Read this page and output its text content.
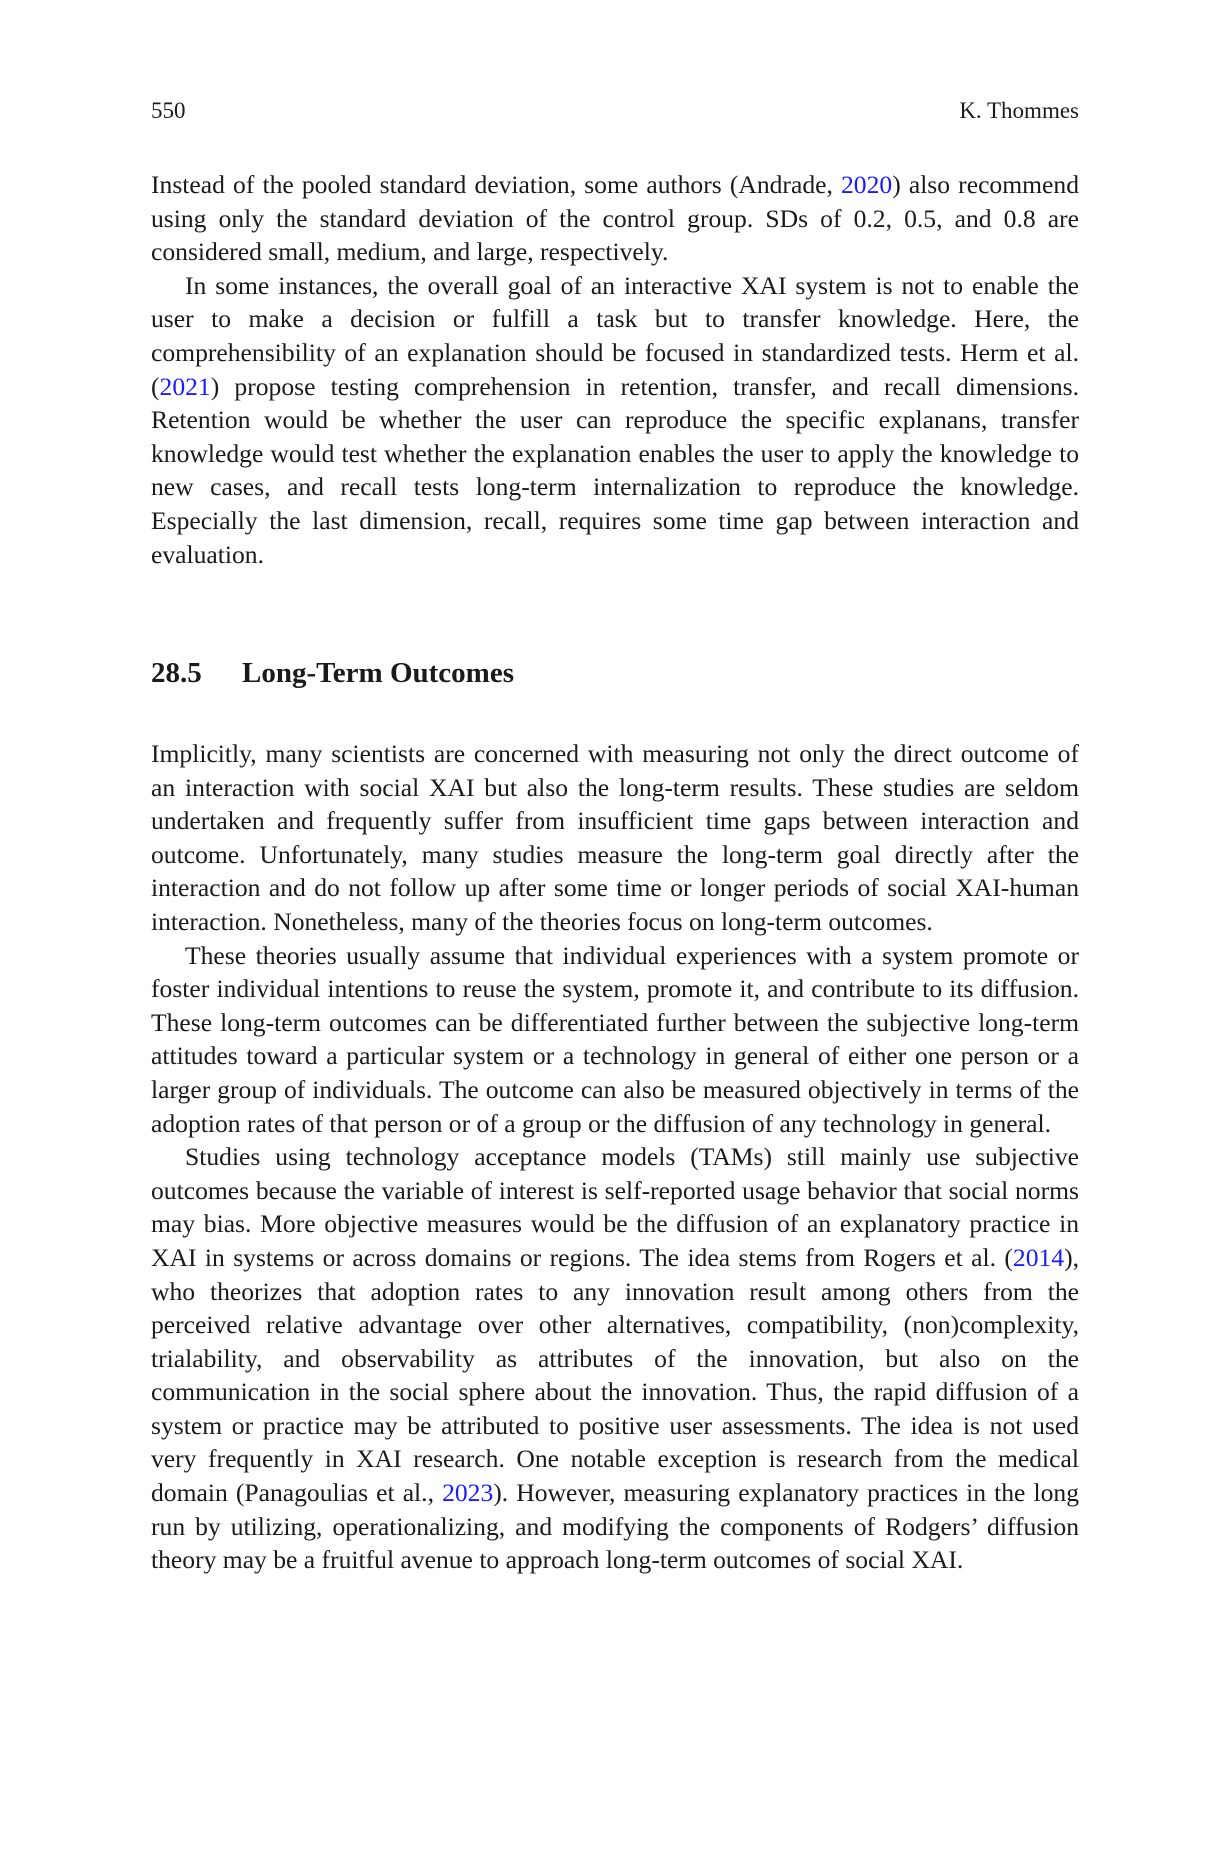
550	K. Thommes

Instead of the pooled standard deviation, some authors (Andrade, 2020) also recommend using only the standard deviation of the control group. SDs of 0.2, 0.5, and 0.8 are considered small, medium, and large, respectively.

In some instances, the overall goal of an interactive XAI system is not to enable the user to make a decision or fulfill a task but to transfer knowledge. Here, the comprehensibility of an explanation should be focused in standardized tests. Herm et al. (2021) propose testing comprehension in retention, transfer, and recall dimensions. Retention would be whether the user can reproduce the specific explanans, transfer knowledge would test whether the explanation enables the user to apply the knowledge to new cases, and recall tests long-term internalization to reproduce the knowledge. Especially the last dimension, recall, requires some time gap between interaction and evaluation.

28.5 Long-Term Outcomes

Implicitly, many scientists are concerned with measuring not only the direct outcome of an interaction with social XAI but also the long-term results. These studies are seldom undertaken and frequently suffer from insufficient time gaps between interaction and outcome. Unfortunately, many studies measure the long-term goal directly after the interaction and do not follow up after some time or longer periods of social XAI-human interaction. Nonetheless, many of the theories focus on long-term outcomes.

These theories usually assume that individual experiences with a system promote or foster individual intentions to reuse the system, promote it, and contribute to its diffusion. These long-term outcomes can be differentiated further between the subjective long-term attitudes toward a particular system or a technology in general of either one person or a larger group of individuals. The outcome can also be measured objectively in terms of the adoption rates of that person or of a group or the diffusion of any technology in general.

Studies using technology acceptance models (TAMs) still mainly use subjective outcomes because the variable of interest is self-reported usage behavior that social norms may bias. More objective measures would be the diffusion of an explanatory practice in XAI in systems or across domains or regions. The idea stems from Rogers et al. (2014), who theorizes that adoption rates to any innovation result among others from the perceived relative advantage over other alternatives, compatibility, (non)complexity, trialability, and observability as attributes of the innovation, but also on the communication in the social sphere about the innovation. Thus, the rapid diffusion of a system or practice may be attributed to positive user assessments. The idea is not used very frequently in XAI research. One notable exception is research from the medical domain (Panagoulias et al., 2023). However, measuring explanatory practices in the long run by utilizing, operationalizing, and modifying the components of Rodgers’ diffusion theory may be a fruitful avenue to approach long-term outcomes of social XAI.
